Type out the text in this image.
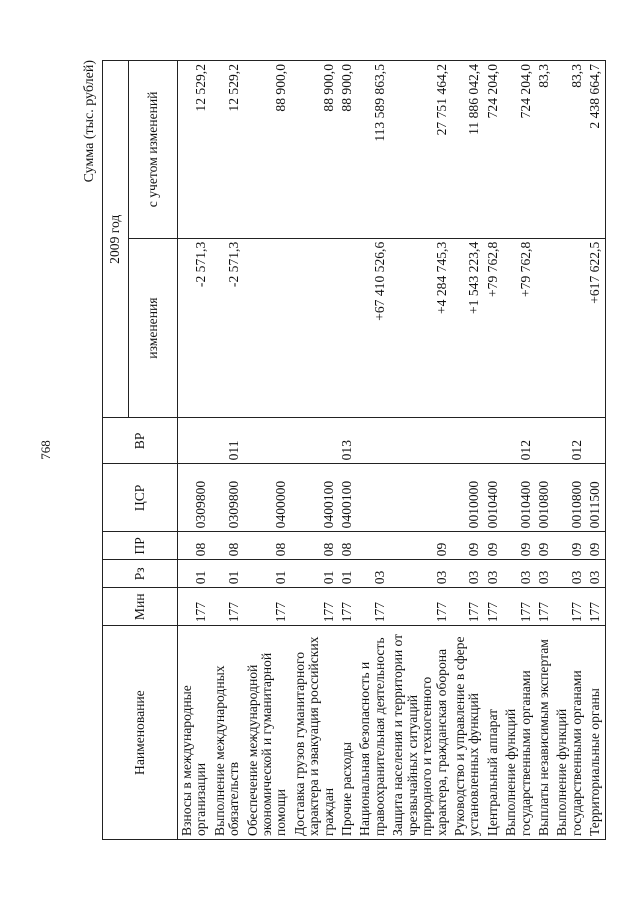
768
Сумма (тыс. рублей)
Наименование	Мин	Рз	ПР	ЦСР	ВР	2009 год	
						изменения	с учетом изменений
Взносы в международные организации	177	01	08	0309800		-2 571,3	12 529,2
Выполнение международных обязательств	177	01	08	0309800	011	-2 571,3	12 529,2
Обеспечение международной экономической и гуманитарной помощи	177	01	08	0400000			88 900,0
Доставка грузов гуманитарного характера и эвакуация российских граждан	177	01	08	0400100			88 900,0
Прочие расходы	177	01	08	0400100	013		88 900,0
Национальная безопасность и правоохранительная деятельность	177	03				+67 410 526,6	113 589 863,5
Защита населения и территории от чрезвычайных ситуаций природного и техногенного характера, гражданская оборона	177	03	09			+4 284 745,3	27 751 464,2
Руководство и управление в сфере установленных функций	177	03	09	0010000		+1 543 223,4	11 886 042,4
Центральный аппарат	177	03	09	0010400		+79 762,8	724 204,0
Выполнение функций государственными органами	177	03	09	0010400	012	+79 762,8	724 204,0
Выплаты независимым экспертам	177	03	09	0010800			83,3
Выполнение функций государственными органами	177	03	09	0010800	012		83,3
Территориальные органы	177	03	09	0011500		+617 622,5	2 438 664,7
